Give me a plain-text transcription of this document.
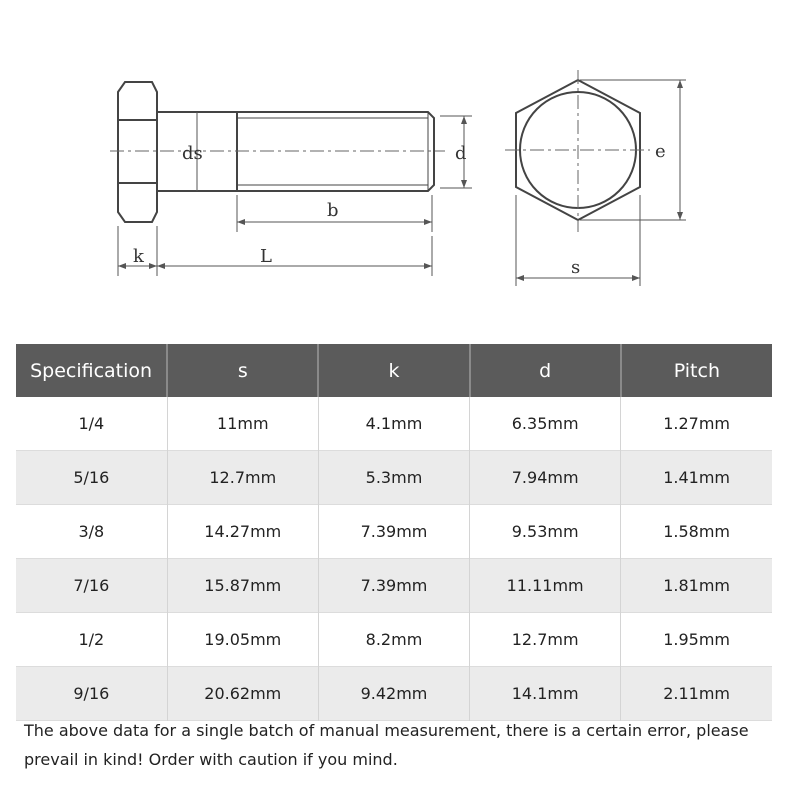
ds	d
b
k	L
e
s
Specification	s	k	d	Pitch
1/4	11mm	4.1mm	6.35mm	1.27mm
5/16	12.7mm	5.3mm	7.94mm	1.41mm
3/8	14.27mm	7.39mm	9.53mm	1.58mm
7/16	15.87mm	7.39mm	11.11mm	1.81mm
1/2	19.05mm	8.2mm	12.7mm	1.95mm
9/16	20.62mm	9.42mm	14.1mm	2.11mm
The above data for a single batch of manual measurement, there is a certain error, please prevail in kind! Order with caution if you mind.
